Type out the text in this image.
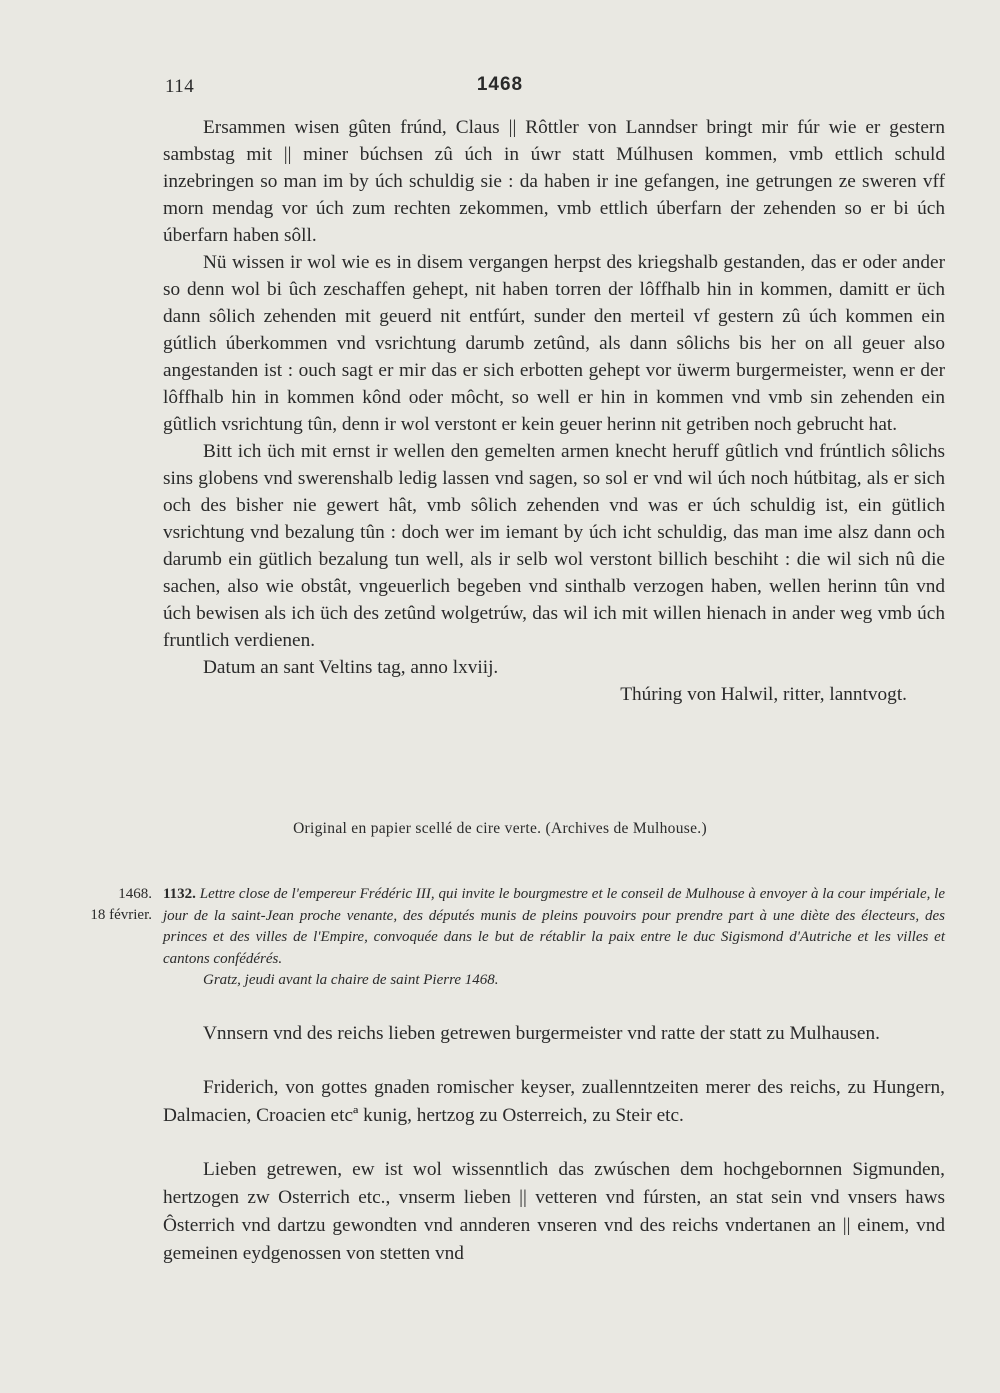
114	1468

Ersammen wisen gûten frúnd, Claus || Rôttler von Lanndser bringt mir fúr wie er gestern sambstag mit || miner búchsen zû úch in úwr statt Múlhusen kommen, vmb ettlich schuld inzebringen so man im by úch schuldig sie : da haben ir ine gefangen, ine getrungen ze sweren vff morn mendag vor úch zum rechten zekommen, vmb ettlich úberfarn der zehenden so er bi úch úberfarn haben sôll.

Nü wissen ir wol wie es in disem vergangen herpst des kriegshalb gestanden, das er oder ander so denn wol bi ûch zeschaffen gehept, nit haben torren der lôffhalb hin in kommen, damitt er üch dann sôlich zehenden mit geuerd nit entfúrt, sunder den merteil vf gestern zû úch kommen ein gútlich úberkommen vnd vsrichtung darumb zetûnd, als dann sôlichs bis her on all geuer also angestanden ist : ouch sagt er mir das er sich erbotten gehept vor üwerm burgermeister, wenn er der lôffhalb hin in kommen kônd oder môcht, so well er hin in kommen vnd vmb sin zehenden ein gûtlich vsrichtung tûn, denn ir wol verstont er kein geuer herinn nit getriben noch gebrucht hat.

Bitt ich üch mit ernst ir wellen den gemelten armen knecht heruff gûtlich vnd frúntlich sôlichs sins globens vnd swerenshalb ledig lassen vnd sagen, so sol er vnd wil úch noch hútbitag, als er sich och des bisher nie gewert hât, vmb sôlich zehenden vnd was er úch schuldig ist, ein gütlich vsrichtung vnd bezalung tûn : doch wer im iemant by úch icht schuldig, das man ime alsz dann och darumb ein gütlich bezalung tun well, als ir selb wol verstont billich beschiht : die wil sich nû die sachen, also wie obstât, vngeuerlich begeben vnd sinthalb verzogen haben, wellen herinn tûn vnd úch bewisen als ich üch des zetûnd wolgetrúw, das wil ich mit willen hienach in ander weg vmb úch fruntlich verdienen.

Datum an sant Veltins tag, anno lxviij.

Thúring von Halwil, ritter, lanntvogt.

Original en papier scellé de cire verte. (Archives de Mulhouse.)
1468.
18 février.
1132. Lettre close de l'empereur Frédéric III, qui invite le bourgmestre et le conseil de Mulhouse à envoyer à la cour impériale, le jour de la saint-Jean proche venante, des députés munis de pleins pouvoirs pour prendre part à une diète des électeurs, des princes et des villes de l'Empire, convoquée dans le but de rétablir la paix entre le duc Sigismond d'Autriche et les villes et cantons confédérés.
Gratz, jeudi avant la chaire de saint Pierre 1468.

Vnnsern vnd des reichs lieben getrewen burgermeister vnd ratte der statt zu Mulhausen.

Friderich, von gottes gnaden romischer keyser, zuallenntzeiten merer des reichs, zu Hungern, Dalmacien, Croacien etcª kunig, hertzog zu Osterreich, zu Steir etc.

Lieben getrewen, ew ist wol wissenntlich das zwúschen dem hochgebornnen Sigmunden, hertzogen zw Osterrich etc., vnserm lieben || vetteren vnd fúrsten, an stat sein vnd vnsers haws Ôsterrich vnd dartzu gewondten vnd annderen vnseren vnd des reichs vndertanen an || einem, vnd gemeinen eydgenossen von stetten vnd
